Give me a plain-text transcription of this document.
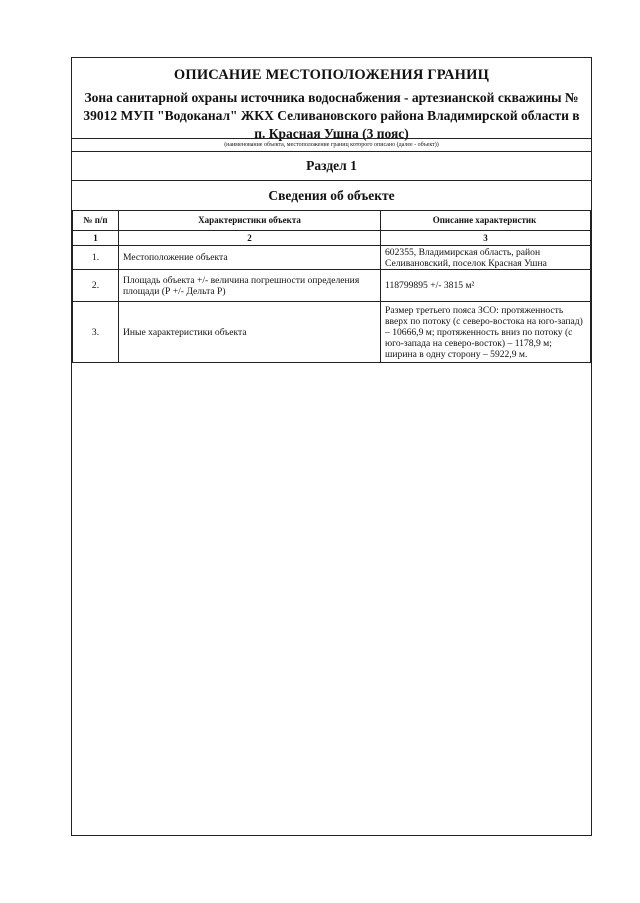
ОПИСАНИЕ МЕСТОПОЛОЖЕНИЯ ГРАНИЦ
Зона санитарной охраны источника водоснабжения - артезианской скважины № 39012 МУП "Водоканал" ЖКХ Селивановского района Владимирской области в п. Красная Ушна (3 пояс)
(наименование объекта, местоположение границ которого описано (далее - объект))
Раздел 1
Сведения об объекте
№ п/п	Характеристики объекта	Описание характеристик
1	2	3
1.	Местоположение объекта	602355, Владимирская область, район Селивановский, поселок Красная Ушна
2.	Площадь объекта +/- величина погрешности определения площади (Р +/- Дельта Р)	118799895 +/- 3815 м²
3.	Иные характеристики объекта	Размер третьего пояса ЗСО: протяженность вверх по потоку (с северо-востока на юго-запад) – 10666,9 м; протяженность вниз по потоку (с юго-запада на северо-восток) – 1178,9 м; ширина в одну сторону – 5922,9 м.
